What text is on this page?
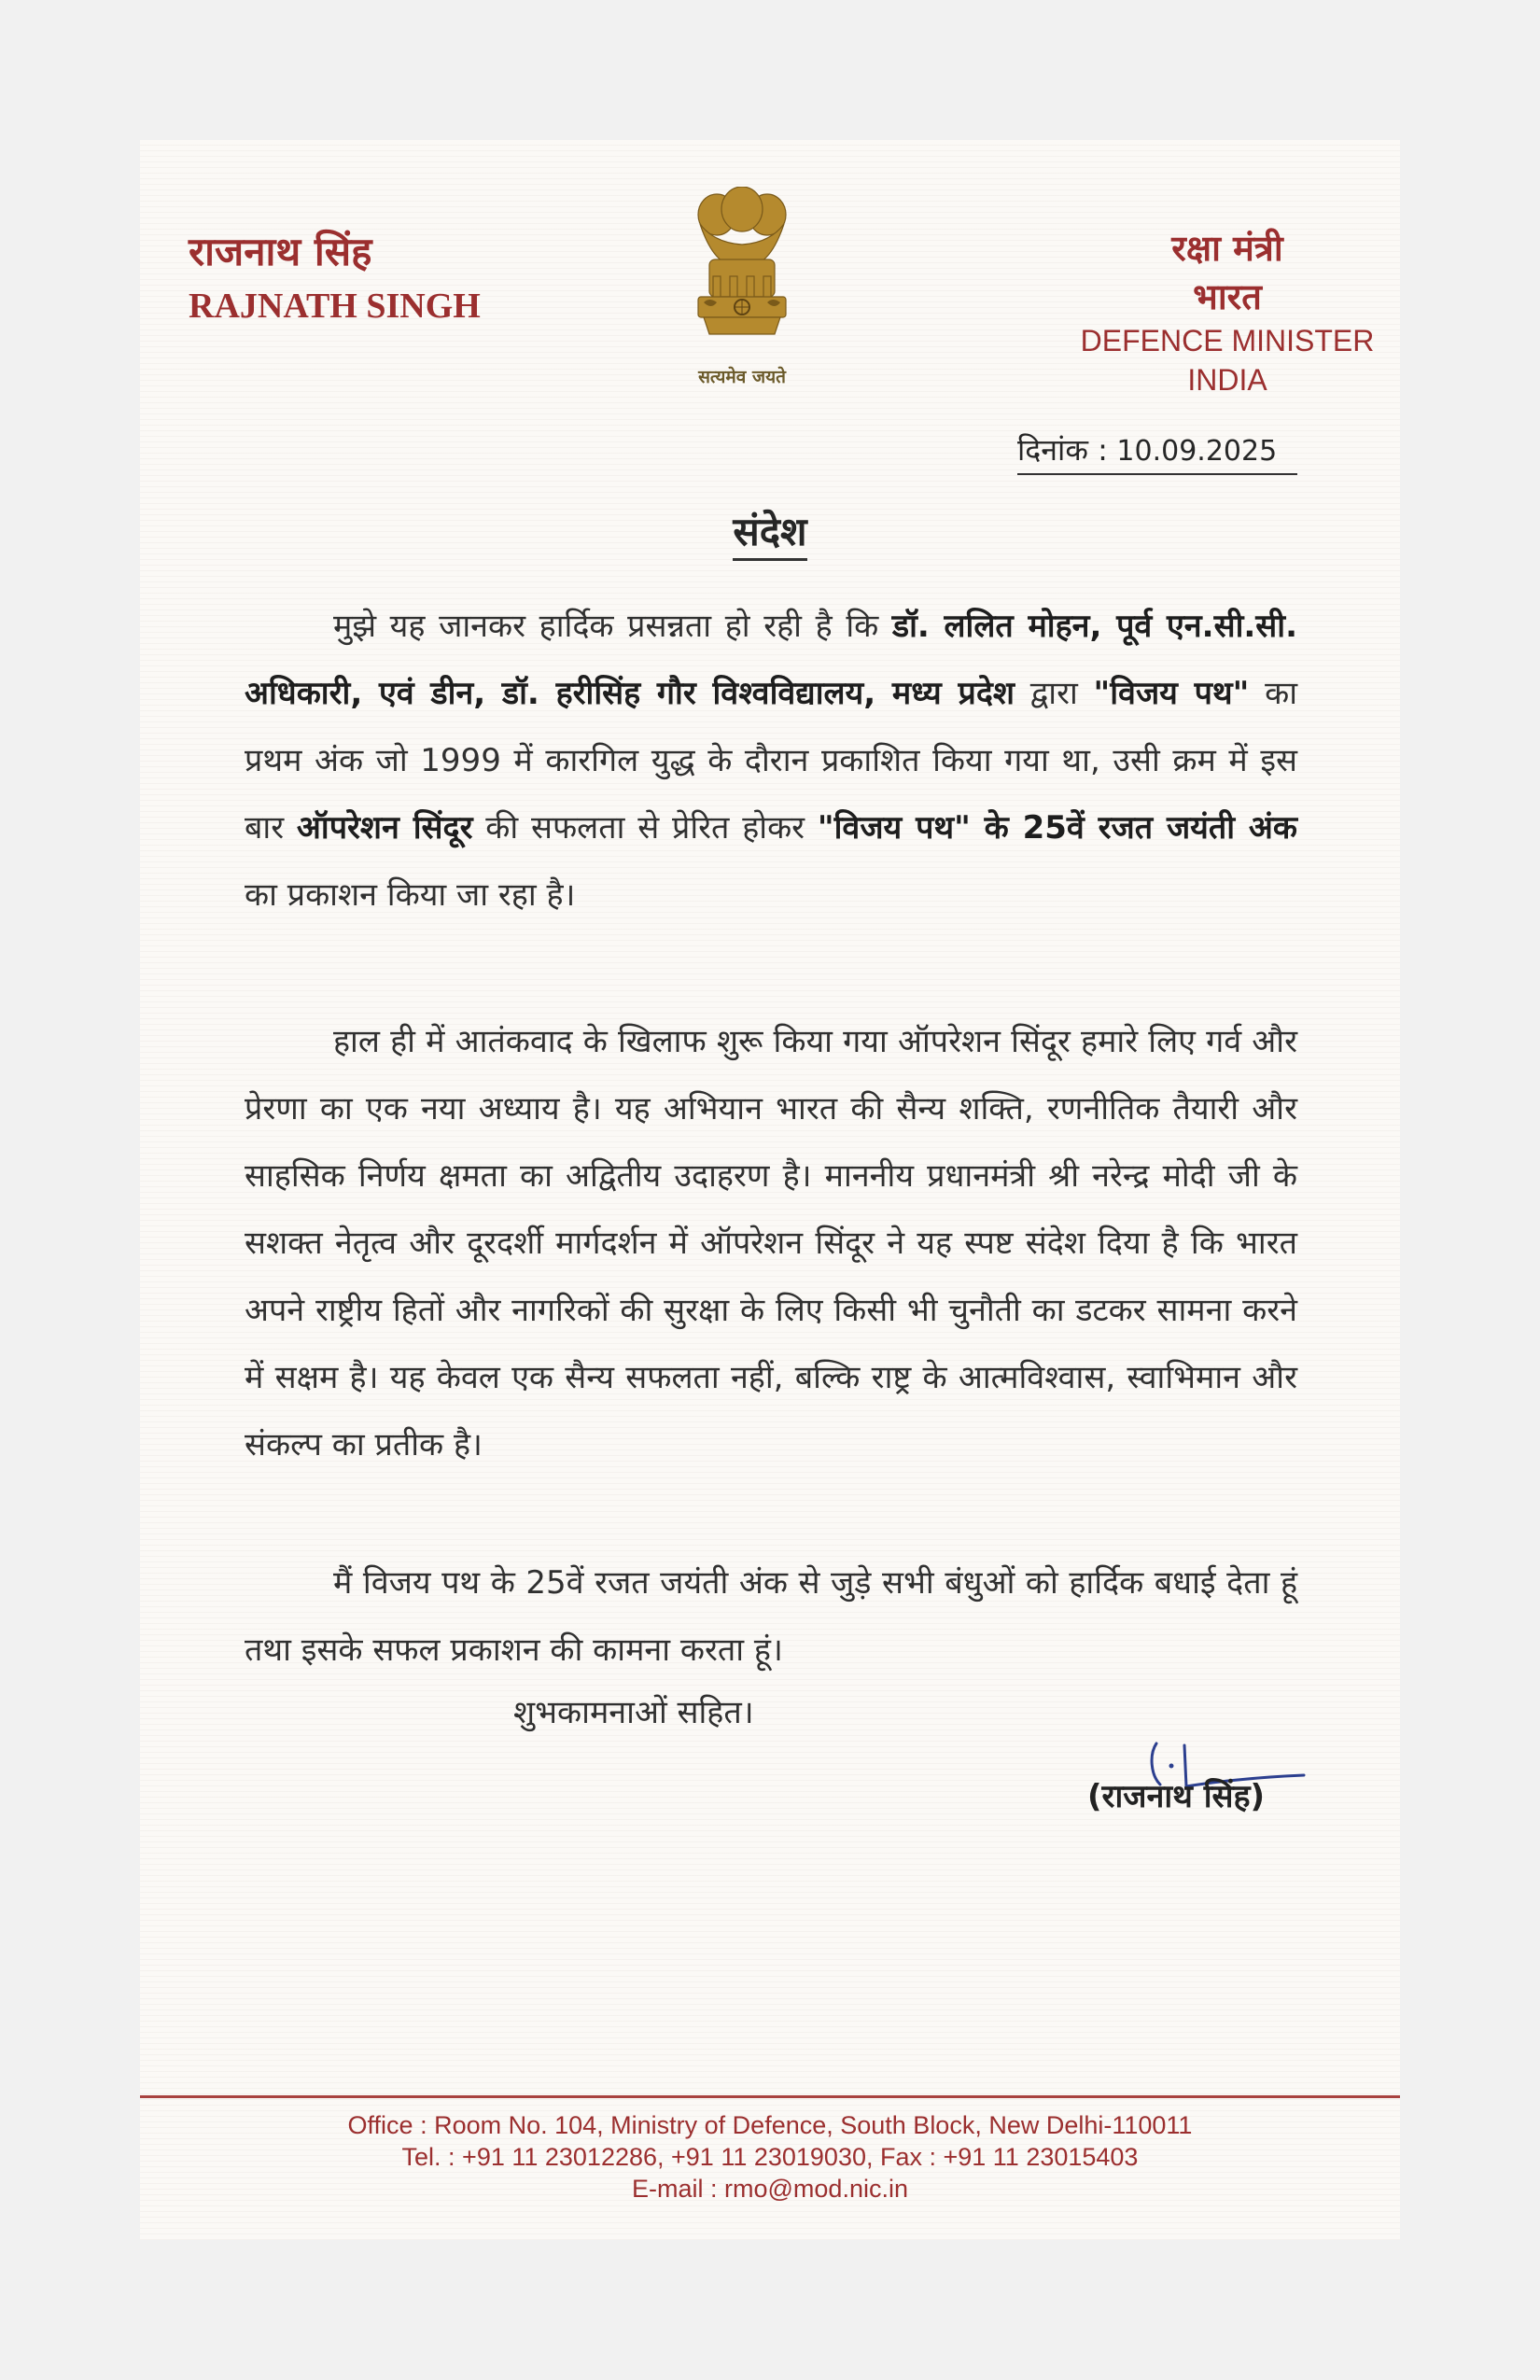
राजनाथ सिंह
RAJNATH SINGH
सत्यमेव जयते
रक्षा मंत्री
भारत
DEFENCE MINISTER
INDIA
दिनांक : 10.09.2025
संदेश

मुझे यह जानकर हार्दिक प्रसन्नता हो रही है कि डॉ. ललित मोहन, पूर्व एन.सी.सी. अधिकारी, एवं डीन, डॉ. हरीसिंह गौर विश्वविद्यालय, मध्य प्रदेश द्वारा "विजय पथ" का प्रथम अंक जो 1999 में कारगिल युद्ध के दौरान प्रकाशित किया गया था, उसी क्रम में इस बार ऑपरेशन सिंदूर की सफलता से प्रेरित होकर "विजय पथ" के 25वें रजत जयंती अंक का प्रकाशन किया जा रहा है।

हाल ही में आतंकवाद के खिलाफ शुरू किया गया ऑपरेशन सिंदूर हमारे लिए गर्व और प्रेरणा का एक नया अध्याय है। यह अभियान भारत की सैन्य शक्ति, रणनीतिक तैयारी और साहसिक निर्णय क्षमता का अद्वितीय उदाहरण है। माननीय प्रधानमंत्री श्री नरेन्द्र मोदी जी के सशक्त नेतृत्व और दूरदर्शी मार्गदर्शन में ऑपरेशन सिंदूर ने यह स्पष्ट संदेश दिया है कि भारत अपने राष्ट्रीय हितों और नागरिकों की सुरक्षा के लिए किसी भी चुनौती का डटकर सामना करने में सक्षम है। यह केवल एक सैन्य सफलता नहीं, बल्कि राष्ट्र के आत्मविश्वास, स्वाभिमान और संकल्प का प्रतीक है।

मैं विजय पथ के 25वें रजत जयंती अंक से जुड़े सभी बंधुओं को हार्दिक बधाई देता हूं तथा इसके सफल प्रकाशन की कामना करता हूं।

शुभकामनाओं सहित।
(राजनाथ सिंह)
Office : Room No. 104, Ministry of Defence, South Block, New Delhi-110011
Tel. : +91 11 23012286, +91 11 23019030, Fax : +91 11 23015403
E-mail : rmo@mod.nic.in
